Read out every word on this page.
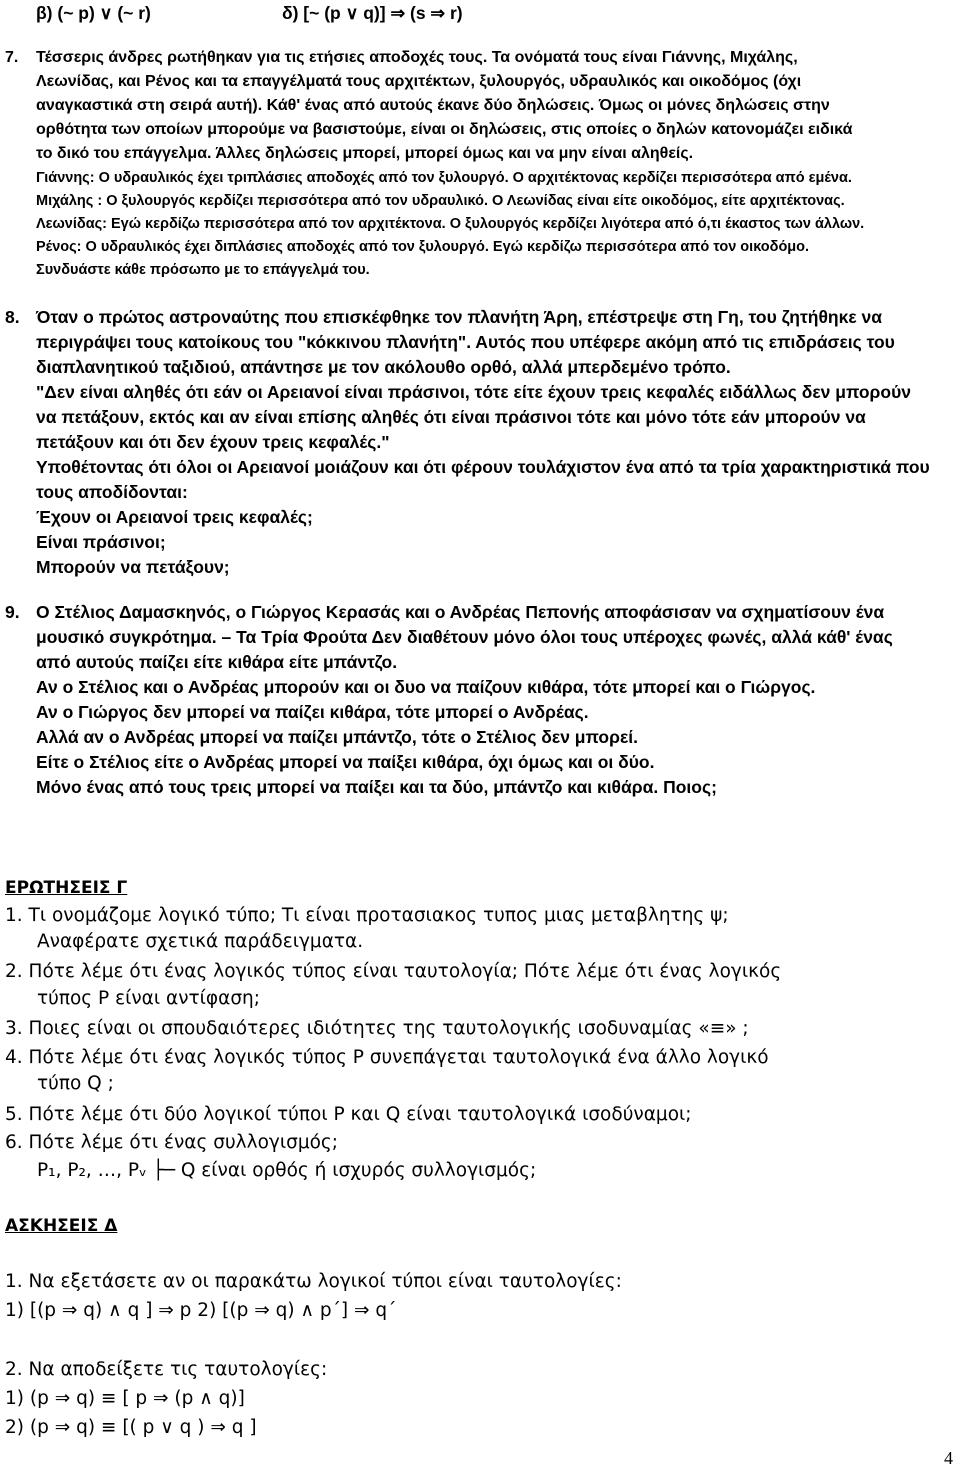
β) (~ p) ∨ (~ r)	δ) [~ (p ∨ q)] ⇒ (s ⇒ r)
7. Τέσσερις άνδρες ρωτήθηκαν για τις ετήσιες αποδοχές τους. Τα ονόματά τους είναι Γιάννης, Μιχάλης,
Λεωνίδας, και Ρένος και τα επαγγέλματά τους αρχιτέκτων, ξυλουργός, υδραυλικός και οικοδόμος (όχι
αναγκαστικά στη σειρά αυτή). Κάθ' ένας από αυτούς έκανε δύο δηλώσεις. Όμως οι μόνες δηλώσεις στην
ορθότητα των οποίων μπορούμε να βασιστούμε, είναι οι δηλώσεις, στις οποίες ο δηλών κατονομάζει ειδικά
το δικό του επάγγελμα. Άλλες δηλώσεις μπορεί, μπορεί όμως και να μην είναι αληθείς.
Γιάννης: Ο υδραυλικός έχει τριπλάσιες αποδοχές από τον ξυλουργό. Ο αρχιτέκτονας κερδίζει περισσότερα από εμένα.
Μιχάλης : Ο ξυλουργός κερδίζει περισσότερα από τον υδραυλικό. Ο Λεωνίδας είναι είτε οικοδόμος, είτε αρχιτέκτονας.
Λεωνίδας: Εγώ κερδίζω περισσότερα από τον αρχιτέκτονα. Ο ξυλουργός κερδίζει λιγότερα από ό,τι έκαστος των άλλων.
Ρένος: Ο υδραυλικός έχει διπλάσιες αποδοχές από τον ξυλουργό. Εγώ κερδίζω περισσότερα από τον οικοδόμο.
Συνδυάστε κάθε πρόσωπο με το επάγγελμά του.
8. Όταν ο πρώτος αστροναύτης που επισκέφθηκε τον πλανήτη Άρη, επέστρεψε στη Γη, του ζητήθηκε να
περιγράψει τους κατοίκους του "κόκκινου πλανήτη". Αυτός που υπέφερε ακόμη από τις επιδράσεις του
διαπλανητικού ταξιδιού, απάντησε με τον ακόλουθο ορθό, αλλά μπερδεμένο τρόπο.
"Δεν είναι αληθές ότι εάν οι Αρειανοί είναι πράσινοι, τότε είτε έχουν τρεις κεφαλές ειδάλλως δεν μπορούν
να πετάξουν, εκτός και αν είναι επίσης αληθές ότι είναι πράσινοι τότε και μόνο τότε εάν μπορούν να
πετάξουν και ότι δεν έχουν τρεις κεφαλές."
Υποθέτοντας ότι όλοι οι Αρειανοί μοιάζουν και ότι φέρουν τουλάχιστον ένα από τα τρία χαρακτηριστικά που
τους αποδίδονται:
Έχουν οι Αρειανοί τρεις κεφαλές;
Είναι πράσινοι;
Μπορούν να πετάξουν;
9. Ο Στέλιος Δαμασκηνός, ο Γιώργος Κερασάς και ο Ανδρέας Πεπονής αποφάσισαν να σχηματίσουν ένα
μουσικό συγκρότημα. – Τα Τρία Φρούτα Δεν διαθέτουν μόνο όλοι τους υπέροχες φωνές, αλλά κάθ' ένας
από αυτούς παίζει είτε κιθάρα είτε μπάντζο.
Αν ο Στέλιος και ο Ανδρέας μπορούν και οι δυο να παίζουν κιθάρα, τότε μπορεί και ο Γιώργος.
Αν ο Γιώργος δεν μπορεί να παίζει κιθάρα, τότε μπορεί ο Ανδρέας.
Αλλά αν ο Ανδρέας μπορεί να παίζει μπάντζο, τότε ο Στέλιος δεν μπορεί.
Είτε ο Στέλιος είτε ο Ανδρέας μπορεί να παίξει κιθάρα, όχι όμως και οι δύο.
Μόνο ένας από τους τρεις μπορεί να παίξει και τα δύο, μπάντζο και κιθάρα. Ποιος;
ΕΡΩΤΗΣΕΙΣ Γ
1. Τι ονομάζομε λογικό τύπο; Τι είναι προτασιακος τυπος μιας μεταβλητης ψ;
Αναφέρατε σχετικά παράδειγματα.
2. Πότε λέμε ότι ένας λογικός τύπος είναι ταυτολογία; Πότε λέμε ότι ένας λογικός
τύπος P είναι αντίφαση;
3. Ποιες είναι οι σπουδαιότερες ιδιότητες της ταυτολογικής ισοδυναμίας «≡» ;
4. Πότε λέμε ότι ένας λογικός τύπος P συνεπάγεται ταυτολογικά ένα άλλο λογικό
τύπο Q ;
5. Πότε λέμε ότι δύο λογικοί τύποι P και Q είναι ταυτολογικά ισοδύναμοι;
6. Πότε λέμε ότι ένας συλλογισμός;
P₁, P₂, …, Pᵥ ├─ Q είναι ορθός ή ισχυρός συλλογισμός;
ΑΣΚΗΣΕΙΣ Δ
1. Να εξετάσετε αν οι παρακάτω λογικοί τύποι είναι ταυτολογίες:
1) [(p ⇒ q) ∧ q ] ⇒ p 2) [(p ⇒ q) ∧ p΄] ⇒ q΄
2. Να αποδείξετε τις ταυτολογίες:
1) (p ⇒ q) ≡ [ p ⇒ (p ∧ q)]
2) (p ⇒ q) ≡ [( p ∨ q ) ⇒ q ]
4
